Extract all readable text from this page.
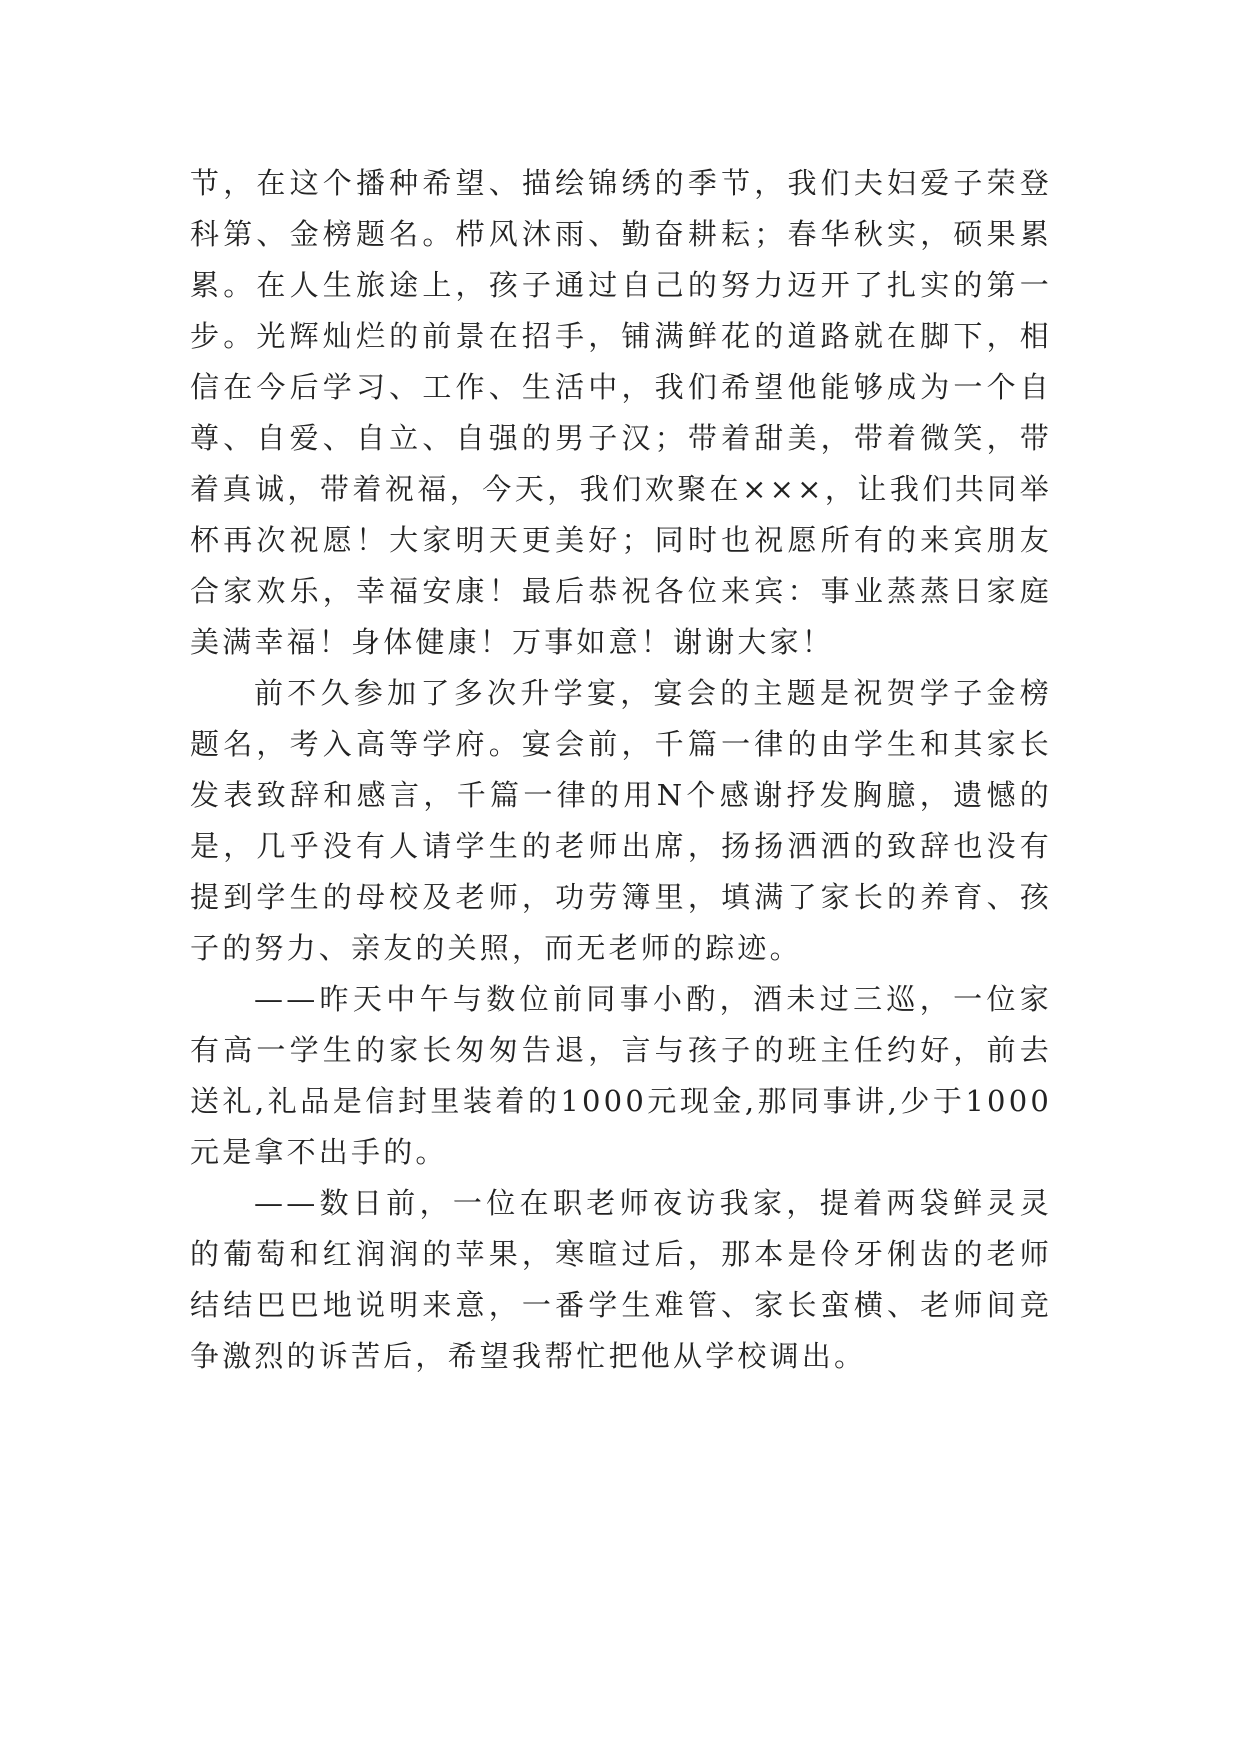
节，在这个播种希望、描绘锦绣的季节，我们夫妇爱子荣登科第、金榜题名。栉风沐雨、勤奋耕耘；春华秋实，硕果累累。在人生旅途上，孩子通过自己的努力迈开了扎实的第一步。光辉灿烂的前景在招手，铺满鲜花的道路就在脚下，相信在今后学习、工作、生活中，我们希望他能够成为一个自尊、自爱、自立、自强的男子汉；带着甜美，带着微笑，带着真诚，带着祝福，今天，我们欢聚在×××，让我们共同举杯再次祝愿！大家明天更美好；同时也祝愿所有的来宾朋友合家欢乐，幸福安康！最后恭祝各位来宾：事业蒸蒸日家庭美满幸福！身体健康！万事如意！谢谢大家！

前不久参加了多次升学宴，宴会的主题是祝贺学子金榜题名，考入高等学府。宴会前，千篇一律的由学生和其家长发表致辞和感言，千篇一律的用N个感谢抒发胸臆，遗憾的是，几乎没有人请学生的老师出席，扬扬洒洒的致辞也没有提到学生的母校及老师，功劳簿里，填满了家长的养育、孩子的努力、亲友的关照，而无老师的踪迹。

——昨天中午与数位前同事小酌，酒未过三巡，一位家有高一学生的家长匆匆告退，言与孩子的班主任约好，前去送礼,礼品是信封里装着的1000元现金,那同事讲,少于1000元是拿不出手的。

——数日前，一位在职老师夜访我家，提着两袋鲜灵灵的葡萄和红润润的苹果，寒暄过后，那本是伶牙俐齿的老师结结巴巴地说明来意，一番学生难管、家长蛮横、老师间竞争激烈的诉苦后，希望我帮忙把他从学校调出。
